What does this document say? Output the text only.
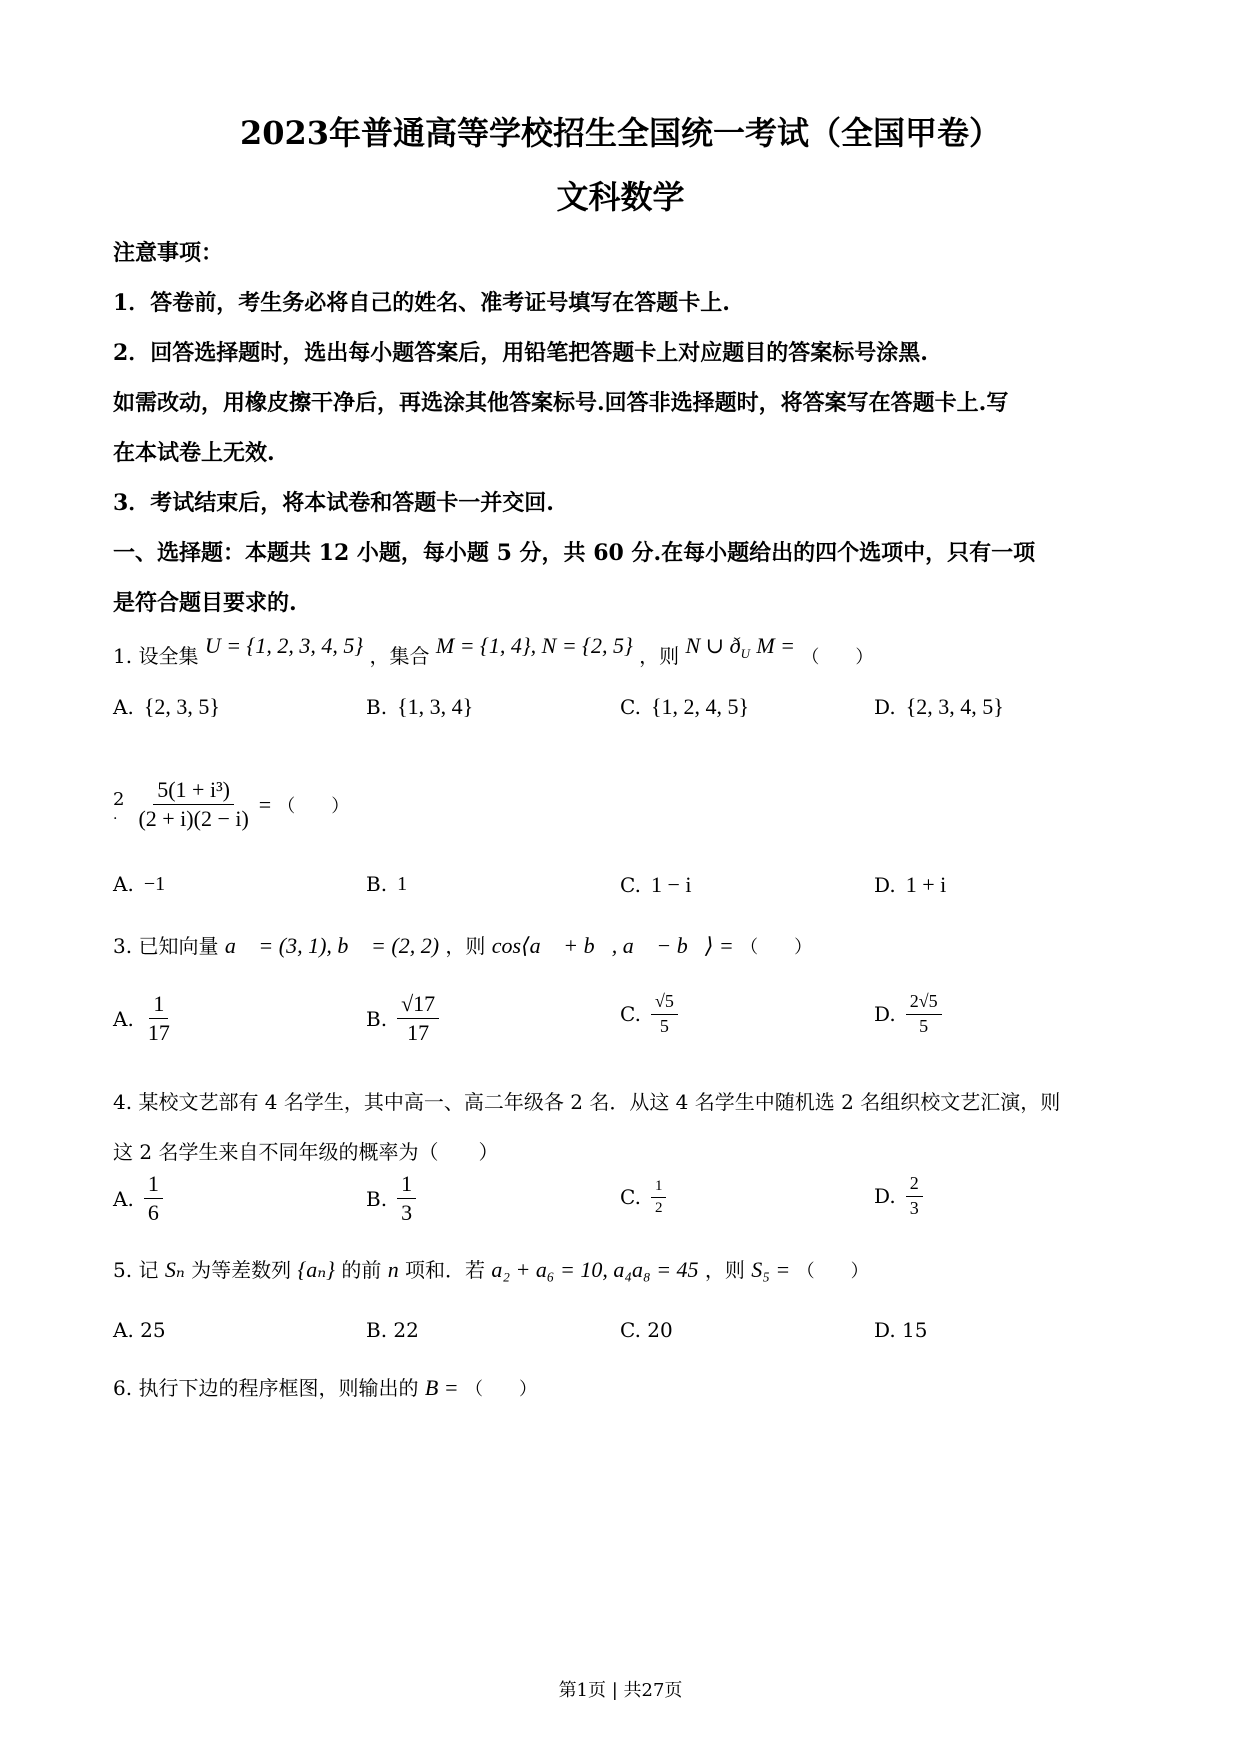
2023年普通高等学校招生全国统一考试（全国甲卷）
文科数学
注意事项：
1．答卷前，考生务必将自己的姓名、准考证号填写在答题卡上.
2．回答选择题时，选出每小题答案后，用铅笔把答题卡上对应题目的答案标号涂黑.
如需改动，用橡皮擦干净后，再选涂其他答案标号.回答非选择题时，将答案写在答题卡上.写
在本试卷上无效.
3．考试结束后，将本试卷和答题卡一并交回.
一、选择题：本题共 12 小题，每小题 5 分，共 60 分.在每小题给出的四个选项中，只有一项
是符合题目要求的.
1. 设全集 U = {1, 2, 3, 4, 5} ，集合 M = {1, 4}, N = {2, 5} ，则 N ∪ $ð_U$ M = （　　）
A. {2, 3, 5}	B. {1, 3, 4}	C. {1, 2, 4, 5}	D. {2, 3, 4, 5}
2
. $\frac{\text{5(1 + i³)}}{(2 + i)(2 - i)}$ = （　　）
A. −1	B. 1	C. 1 − i	D. 1 + i
3. 已知向量 a⃗ = (3, 1), b⃗ = (2, 2) ，则 cos⟨a⃗ + b⃗, a⃗ − b⃗⟩ = （　　）
A. $\frac{1}{17}$	B. $\frac{√17}{17}$	C. $\frac{√5}{5}$	D. $\frac{2√5}{5}$
4. 某校文艺部有 4 名学生，其中高一、高二年级各 2 名．从这 4 名学生中随机选 2 名组织校文艺汇演，则
这 2 名学生来自不同年级的概率为（　　）
A. $\frac{1}{6}$	B. $\frac{1}{3}$	C. $\frac{1}{2}$	D. $\frac{2}{3}$
5. 记 Sₙ 为等差数列 {aₙ} 的前 n 项和．若 a₂ + a₆ = 10, a₄a₈ = 45 ，则 S₅ = （　　）
A. 25	B. 22	C. 20	D. 15
6. 执行下边的程序框图，则输出的 B = （　　）
第1页 | 共27页
